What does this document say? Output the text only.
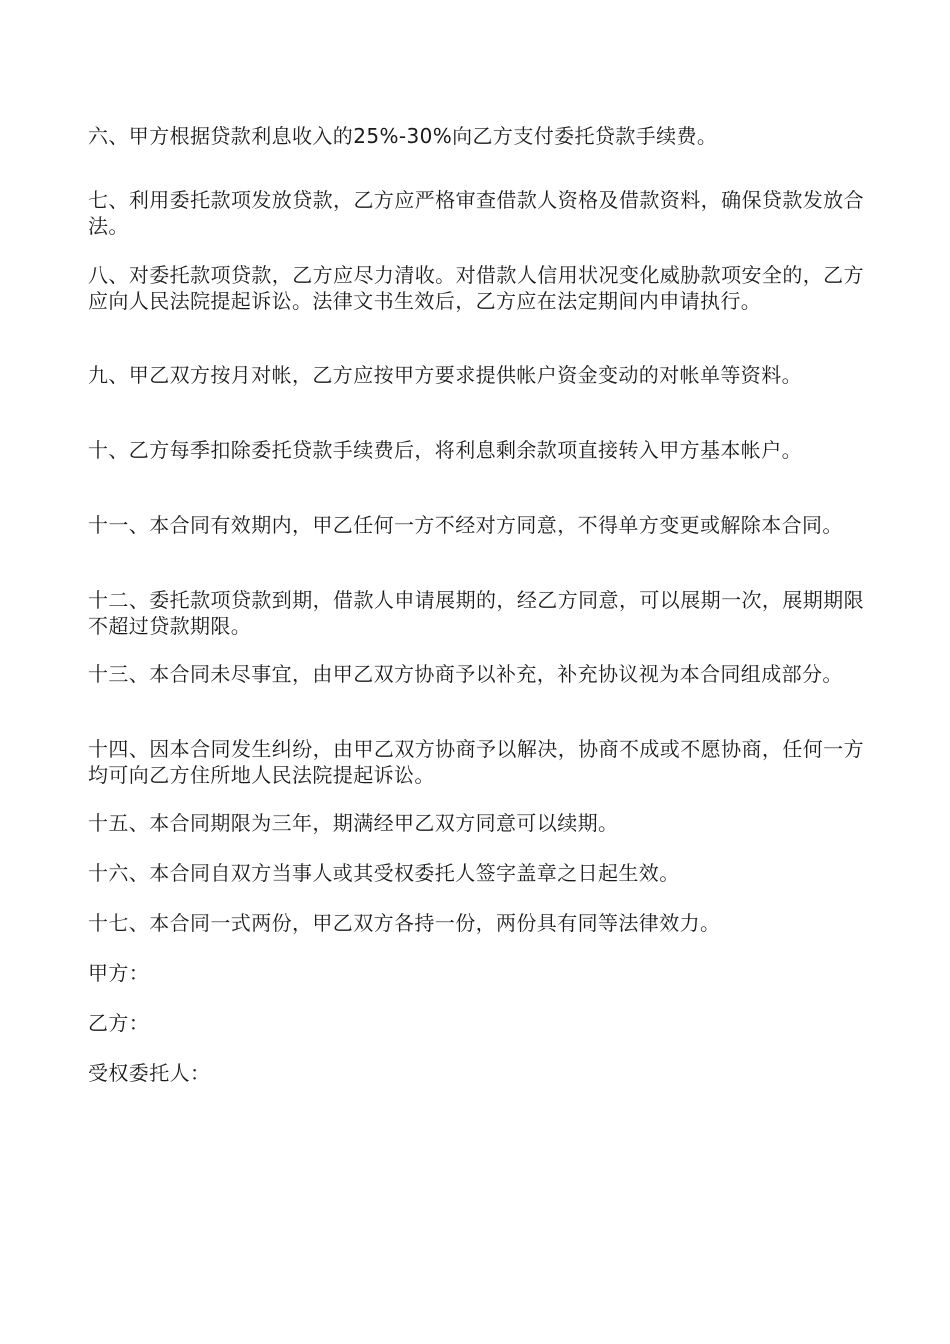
六、甲方根据贷款利息收入的25%-30%向乙方支付委托贷款手续费。

七、利用委托款项发放贷款，乙方应严格审查借款人资格及借款资料，确保贷款发放合法。

八、对委托款项贷款，乙方应尽力清收。对借款人信用状况变化威胁款项安全的，乙方应向人民法院提起诉讼。法律文书生效后，乙方应在法定期间内申请执行。

九、甲乙双方按月对帐，乙方应按甲方要求提供帐户资金变动的对帐单等资料。

十、乙方每季扣除委托贷款手续费后，将利息剩余款项直接转入甲方基本帐户。

十一、本合同有效期内，甲乙任何一方不经对方同意，不得单方变更或解除本合同。

十二、委托款项贷款到期，借款人申请展期的，经乙方同意，可以展期一次，展期期限不超过贷款期限。

十三、本合同未尽事宜，由甲乙双方协商予以补充，补充协议视为本合同组成部分。

十四、因本合同发生纠纷，由甲乙双方协商予以解决，协商不成或不愿协商，任何一方均可向乙方住所地人民法院提起诉讼。

十五、本合同期限为三年，期满经甲乙双方同意可以续期。

十六、本合同自双方当事人或其受权委托人签字盖章之日起生效。

十七、本合同一式两份，甲乙双方各持一份，两份具有同等法律效力。

甲方：

乙方：

受权委托人：
